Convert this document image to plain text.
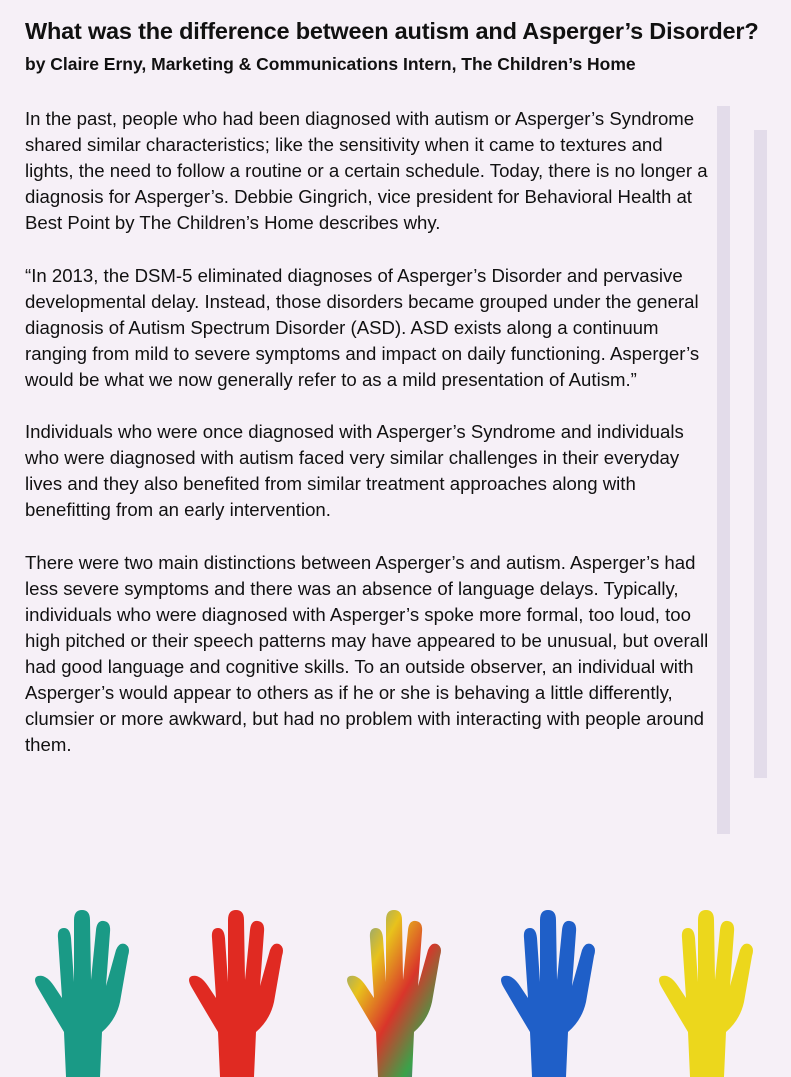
What was the difference between autism and Asperger’s Disorder?
by Claire Erny, Marketing & Communications Intern, The Children’s Home

In the past, people who had been diagnosed with autism or Asperger’s Syndrome shared similar characteristics; like the sensitivity when it came to textures and lights, the need to follow a routine or a certain schedule. Today, there is no longer a diagnosis for Asperger’s. Debbie Gingrich, vice president for Behavioral Health at Best Point by The Children’s Home describes why.

“In 2013, the DSM-5 eliminated diagnoses of Asperger’s Disorder and pervasive developmental delay. Instead, those disorders became grouped under the general diagnosis of Autism Spectrum Disorder (ASD). ASD exists along a continuum ranging from mild to severe symptoms and impact on daily functioning. Asperger’s would be what we now generally refer to as a mild presentation of Autism.”

Individuals who were once diagnosed with Asperger’s Syndrome and individuals who were diagnosed with autism faced very similar challenges in their everyday lives and they also benefited from similar treatment approaches along with benefitting from an early intervention.

There were two main distinctions between Asperger’s and autism. Asperger’s had less severe symptoms and there was an absence of language delays. Typically, individuals who were diagnosed with Asperger’s spoke more formal, too loud, too high pitched or their speech patterns may have appeared to be unusual, but overall had good language and cognitive skills. To an outside observer, an individual with Asperger’s would appear to others as if he or she is behaving a little differently, clumsier or more awkward, but had no problem with interacting with people around them.
